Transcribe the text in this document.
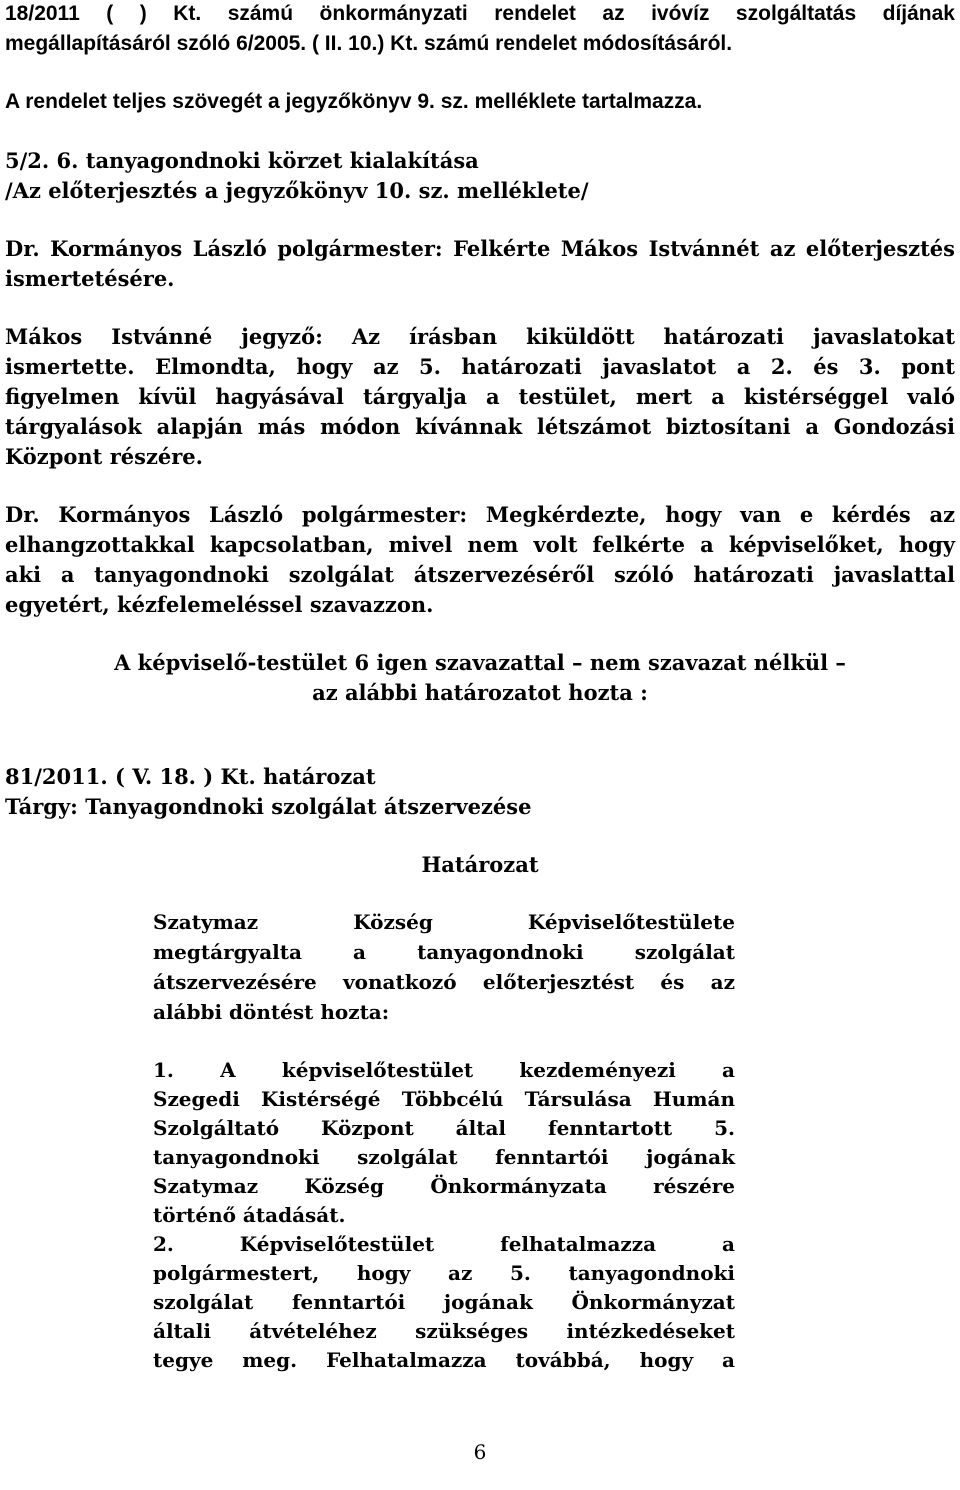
18/2011 ( ) Kt. számú önkormányzati rendelet az ivóvíz szolgáltatás díjának
megállapításáról szóló 6/2005. ( II. 10.) Kt. számú rendelet módosításáról.
A rendelet teljes szövegét a jegyzőkönyv 9. sz. melléklete tartalmazza.
5/2. 6. tanyagondnoki körzet kialakítása
/Az előterjesztés a jegyzőkönyv 10. sz. melléklete/
Dr. Kormányos László polgármester: Felkérte Mákos Istvánnét az előterjesztés
ismertetésére.
Mákos Istvánné jegyző: Az írásban kiküldött határozati javaslatokat
ismertette. Elmondta, hogy az 5. határozati javaslatot a 2. és 3. pont
figyelmen kívül hagyásával tárgyalja a testület, mert a kistérséggel való
tárgyalások alapján más módon kívánnak létszámot biztosítani a Gondozási
Központ részére.
Dr. Kormányos László polgármester: Megkérdezte, hogy van e kérdés az
elhangzottakkal kapcsolatban, mivel nem volt felkérte a képviselőket, hogy
aki a tanyagondnoki szolgálat átszervezéséről szóló határozati javaslattal
egyetért, kézfelemeléssel szavazzon.
A képviselő-testület 6 igen szavazattal – nem szavazat nélkül –
az alábbi határozatot hozta :
81/2011. ( V. 18. ) Kt. határozat
Tárgy: Tanyagondnoki szolgálat átszervezése
Határozat
Szatymaz Község Képviselőtestülete
megtárgyalta a tanyagondnoki szolgálat
átszervezésére vonatkozó előterjesztést és az
alábbi döntést hozta:
1. A képviselőtestület kezdeményezi a
Szegedi Kistérségé Többcélú Társulása Humán
Szolgáltató Központ által fenntartott 5.
tanyagondnoki szolgálat fenntartói jogának
Szatymaz Község Önkormányzata részére
történő átadását.
2. Képviselőtestület felhatalmazza a
polgármestert, hogy az 5. tanyagondnoki
szolgálat fenntartói jogának Önkormányzat
általi átvételéhez szükséges intézkedéseket
tegye meg. Felhatalmazza továbbá, hogy a
6
